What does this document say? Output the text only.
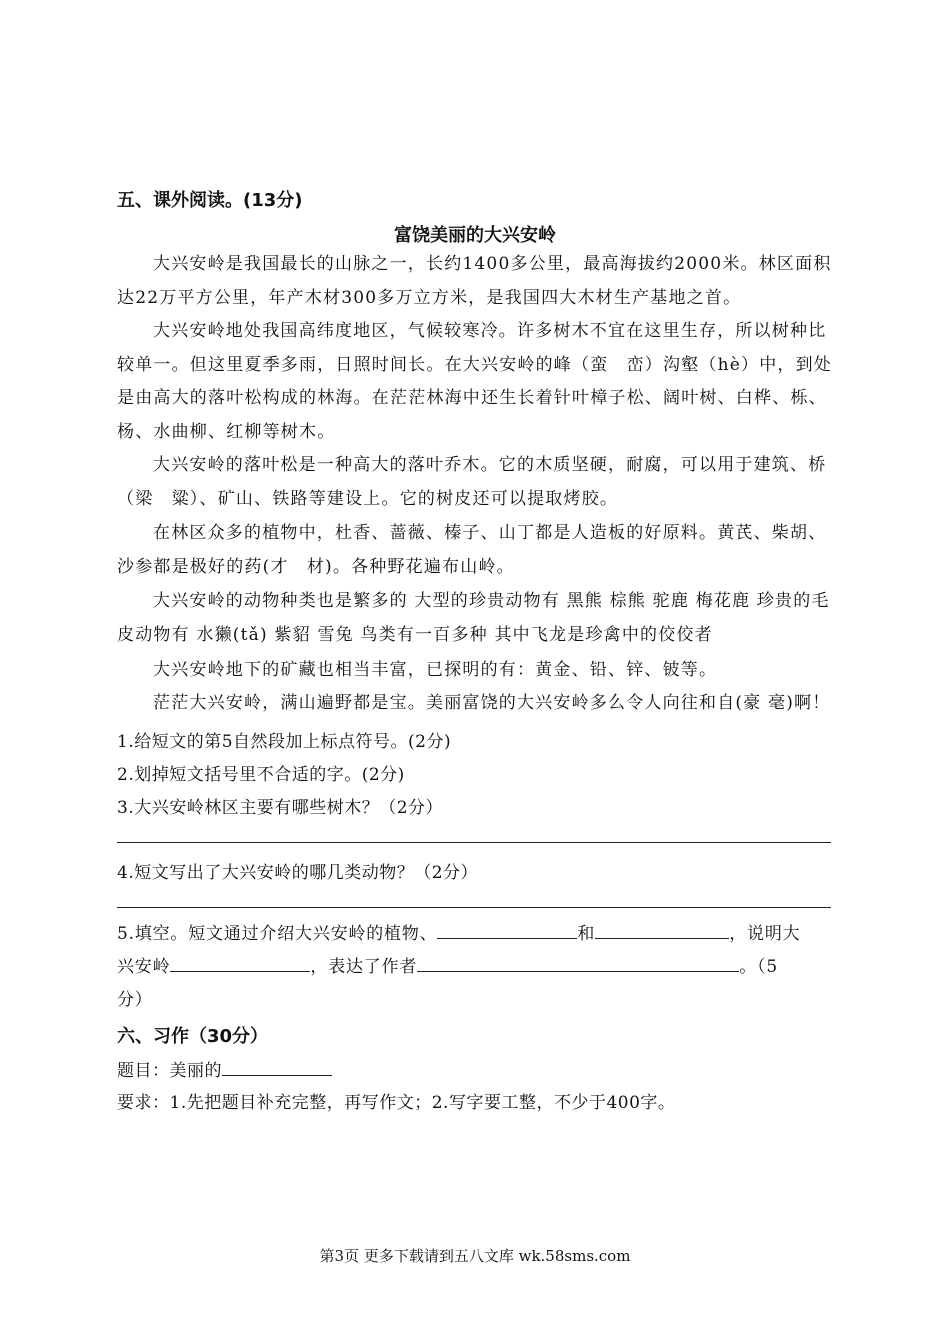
五、课外阅读。(13分)
富饶美丽的大兴安岭

大兴安岭是我国最长的山脉之一，长约1400多公里，最高海拔约2000米。林区面积达22万平方公里，年产木材300多万立方米，是我国四大木材生产基地之首。

大兴安岭地处我国高纬度地区，气候较寒冷。许多树木不宜在这里生存，所以树种比较单一。但这里夏季多雨，日照时间长。在大兴安岭的峰（蛮　峦）沟壑（hè）中，到处是由高大的落叶松构成的林海。在茫茫林海中还生长着针叶樟子松、阔叶树、白桦、栎、杨、水曲柳、红柳等树木。

大兴安岭的落叶松是一种高大的落叶乔木。它的木质坚硬，耐腐，可以用于建筑、桥（梁　粱）、矿山、铁路等建设上。它的树皮还可以提取烤胶。

在林区众多的植物中，杜香、蔷薇、榛子、山丁都是人造板的好原料。黄芪、柴胡、沙参都是极好的药(才　材)。各种野花遍布山岭。

大兴安岭的动物种类也是繁多的 大型的珍贵动物有 黑熊 棕熊 驼鹿 梅花鹿 珍贵的毛皮动物有 水獭(tǎ) 紫貂 雪兔 鸟类有一百多种 其中飞龙是珍禽中的佼佼者

大兴安岭地下的矿藏也相当丰富，已探明的有：黄金、铅、锌、铍等。

茫茫大兴安岭，满山遍野都是宝。美丽富饶的大兴安岭多么令人向往和自(豪 毫)啊！

1.给短文的第5自然段加上标点符号。(2分)
2.划掉短文括号里不合适的字。(2分)
3.大兴安岭林区主要有哪些树木？（2分）
4.短文写出了大兴安岭的哪几类动物？（2分）
5.填空。短文通过介绍大兴安岭的植物、	和	，说明大
兴安岭	，表达了作者	。（5
分）
六、习作（30分）
题目：美丽的
要求：1.先把题目补充完整，再写作文；2.写字要工整，不少于400字。
第3页 更多下载请到五八文库 wk.58sms.com
